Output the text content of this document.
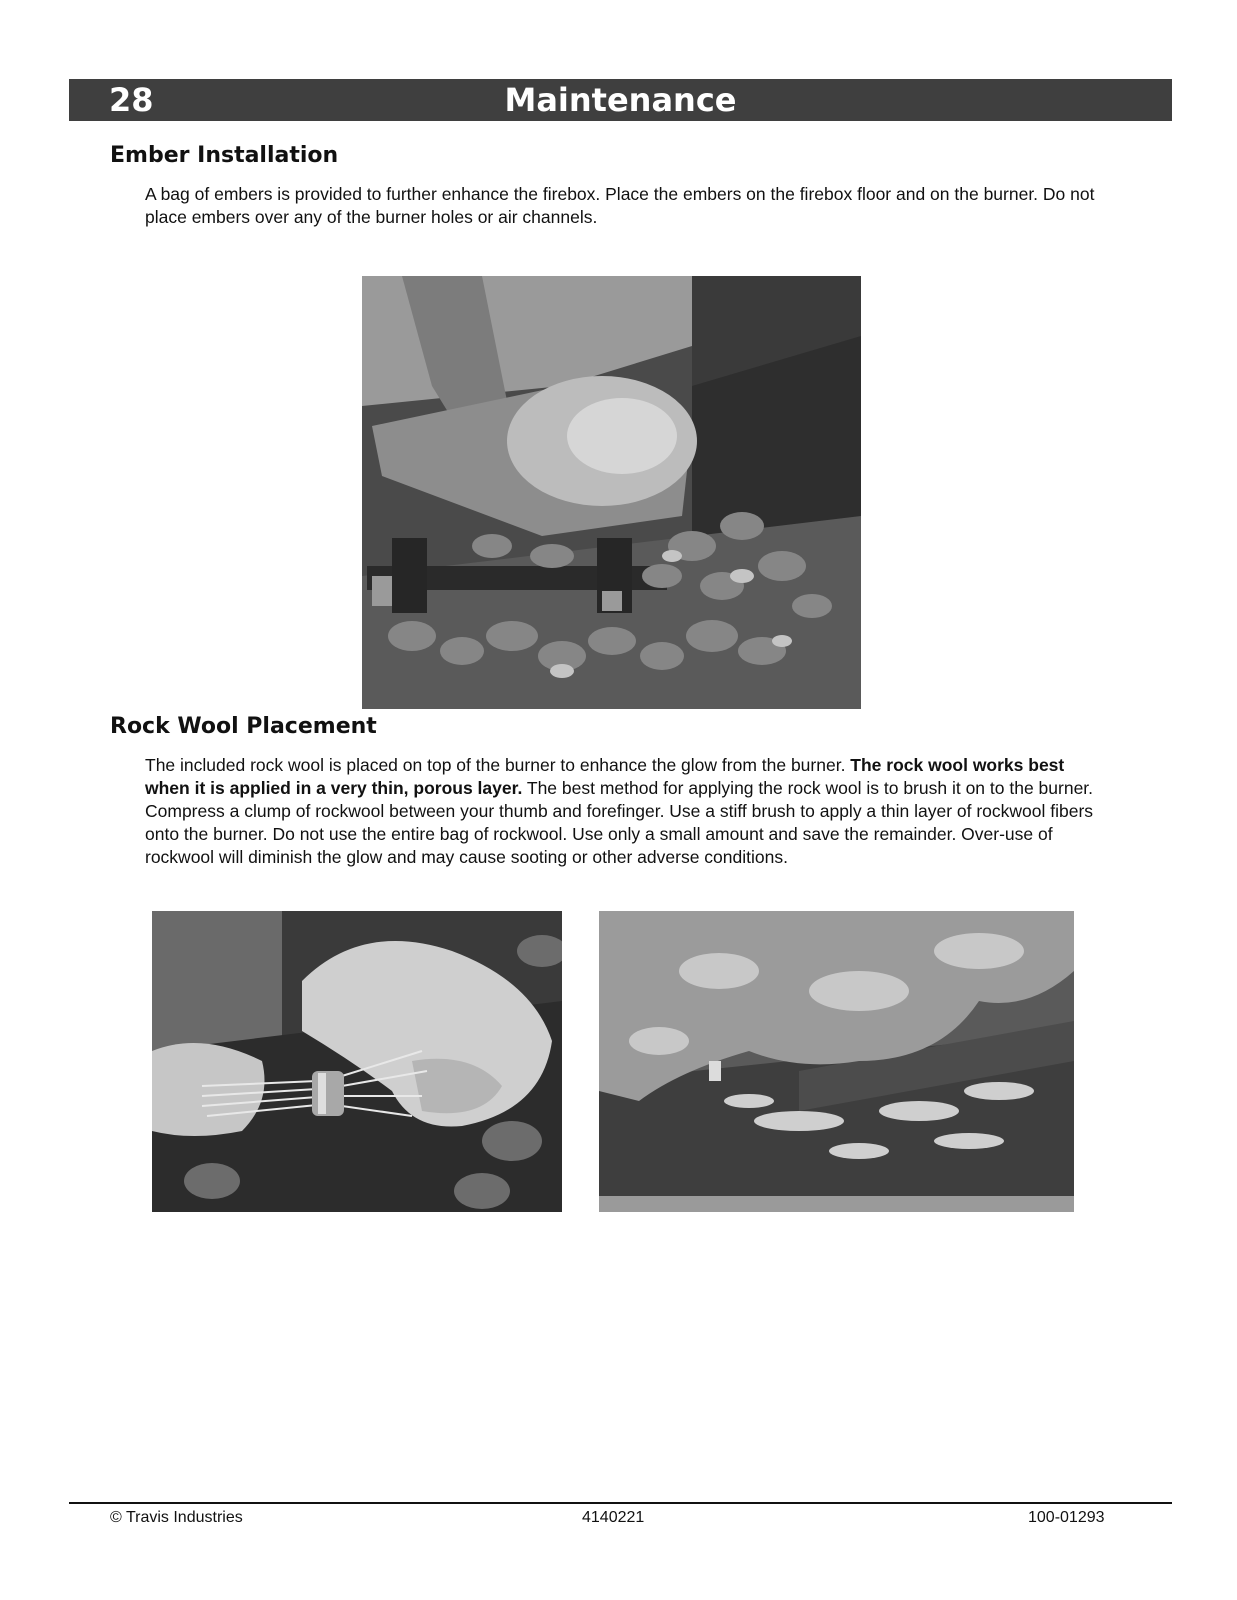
28	Maintenance
Ember Installation

A bag of embers is provided to further enhance the firebox. Place the embers on the firebox floor and on the burner. Do not place embers over any of the burner holes or air channels.

Rock Wool Placement

The included rock wool is placed on top of the burner to enhance the glow from the burner. The rock wool works best when it is applied in a very thin, porous layer. The best method for applying the rock wool is to brush it on to the burner. Compress a clump of rockwool between your thumb and forefinger. Use a stiff brush to apply a thin layer of rockwool fibers onto the burner. Do not use the entire bag of rockwool. Use only a small amount and save the remainder. Over-use of rockwool will diminish the glow and may cause sooting or other adverse conditions.

© Travis Industries	4140221	100-01293
